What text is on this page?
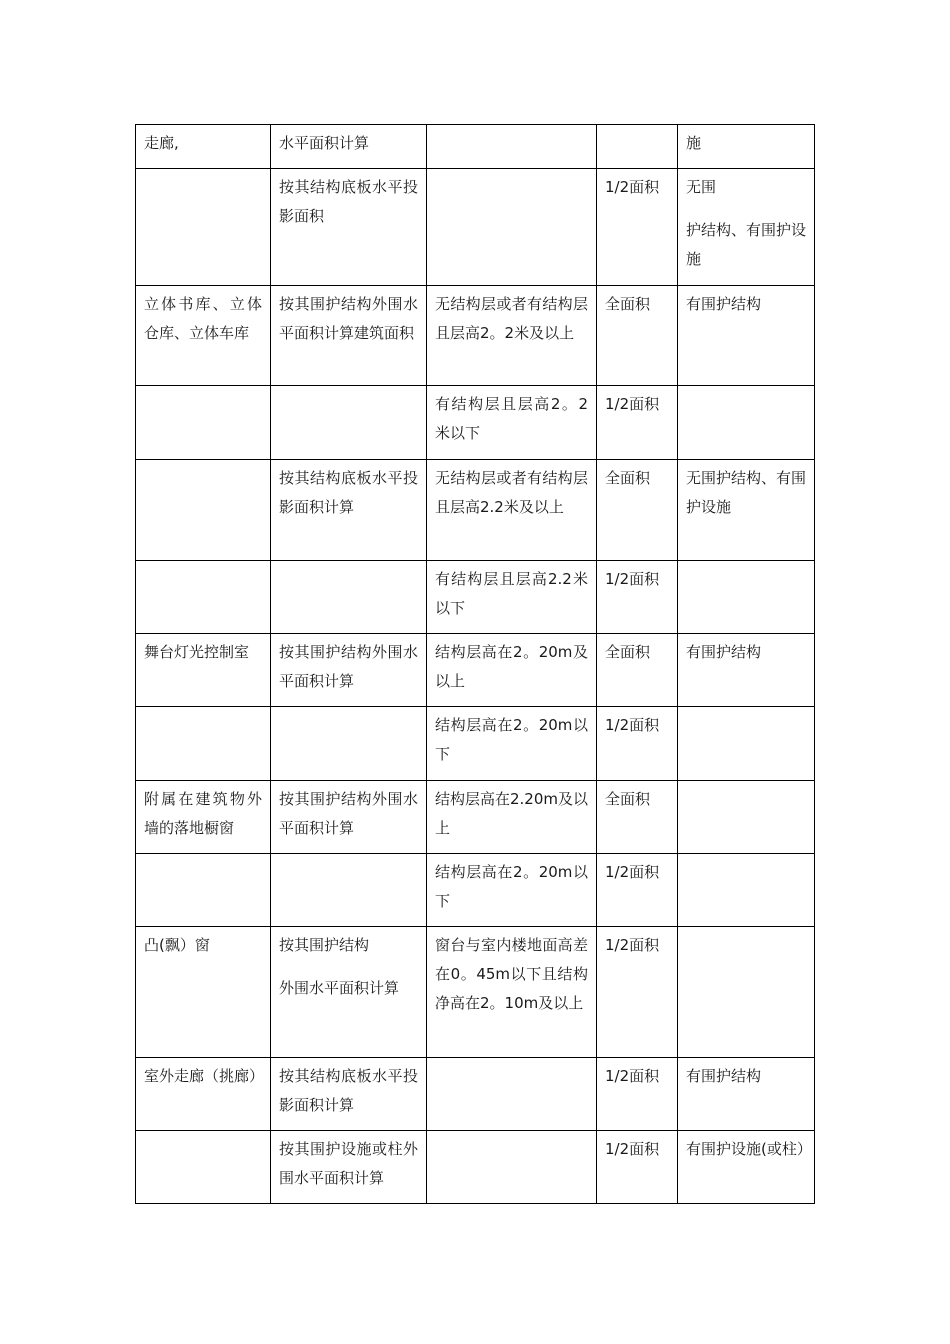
走廊,	水平面积计算			施

	按其结构底板水平投影面积		1/2面积	无围
护结构、有围护设施

立体书库、立体仓库、立体车库	按其围护结构外围水平面积计算建筑面积	无结构层或者有结构层且层高2。2米及以上	全面积	有围护结构

		有结构层且层高2。2米以下	1/2面积	

	按其结构底板水平投影面积计算	无结构层或者有结构层且层高2.2米及以上	全面积	无围护结构、有围护设施

		有结构层且层高2.2米以下	1/2面积	

舞台灯光控制室	按其围护结构外围水平面积计算	结构层高在2。20m及以上	全面积	有围护结构

		结构层高在2。20m以下	1/2面积	

附属在建筑物外墙的落地橱窗	按其围护结构外围水平面积计算	结构层高在2.20m及以上	全面积	

		结构层高在2。20m以下	1/2面积	

凸(飘）窗	按其围护结构
外围水平面积计算	窗台与室内楼地面高差在0。45m以下且结构净高在2。10m及以上	1/2面积	

室外走廊（挑廊）	按其结构底板水平投影面积计算		1/2面积	有围护结构

	按其围护设施或柱外围水平面积计算		1/2面积	有围护设施(或柱）
